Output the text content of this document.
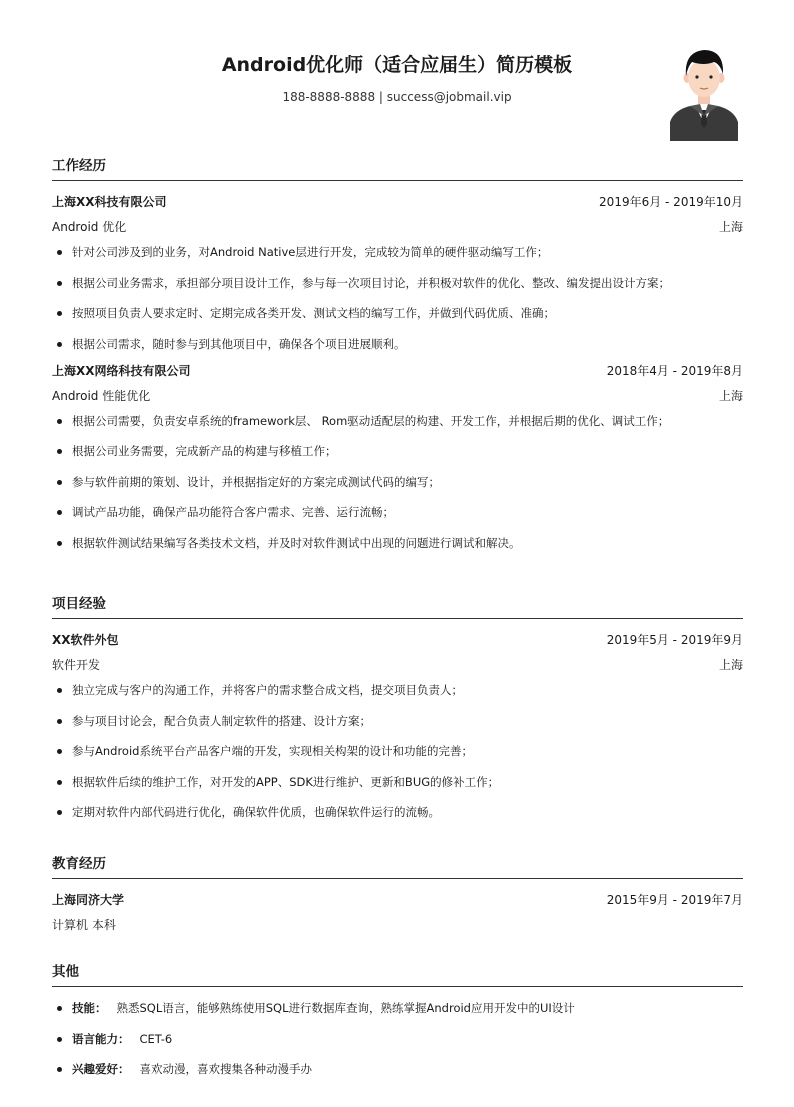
Android优化师（适合应届生）简历模板
188-8888-8888 | success@jobmail.vip
工作经历
上海XX科技有限公司	2019年6月 - 2019年10月
Android 优化	上海
针对公司涉及到的业务，对Android Native层进行开发，完成较为简单的硬件驱动编写工作；
根据公司业务需求，承担部分项目设计工作，参与每一次项目讨论，并积极对软件的优化、整改、编发提出设计方案；
按照项目负责人要求定时、定期完成各类开发、测试文档的编写工作，并做到代码优质、准确；
根据公司需求，随时参与到其他项目中，确保各个项目进展顺利。
上海XX网络科技有限公司	2018年4月 - 2019年8月
Android 性能优化	上海
根据公司需要，负责安卓系统的framework层、 Rom驱动适配层的构建、开发工作，并根据后期的优化、调试工作；
根据公司业务需要，完成新产品的构建与移植工作；
参与软件前期的策划、设计，并根据指定好的方案完成测试代码的编写；
调试产品功能，确保产品功能符合客户需求、完善、运行流畅；
根据软件测试结果编写各类技术文档，并及时对软件测试中出现的问题进行调试和解决。
项目经验
XX软件外包	2019年5月 - 2019年9月
软件开发	上海
独立完成与客户的沟通工作，并将客户的需求整合成文档，提交项目负责人；
参与项目讨论会，配合负责人制定软件的搭建、设计方案；
参与Android系统平台产品客户端的开发，实现相关构架的设计和功能的完善；
根据软件后续的维护工作，对开发的APP、SDK进行维护、更新和BUG的修补工作；
定期对软件内部代码进行优化，确保软件优质，也确保软件运行的流畅。
教育经历
上海同济大学	2015年9月 - 2019年7月
计算机 本科
其他
技能： 熟悉SQL语言，能够熟练使用SQL进行数据库查询，熟练掌握Android应用开发中的UI设计
语言能力： CET-6
兴趣爱好： 喜欢动漫，喜欢搜集各种动漫手办
